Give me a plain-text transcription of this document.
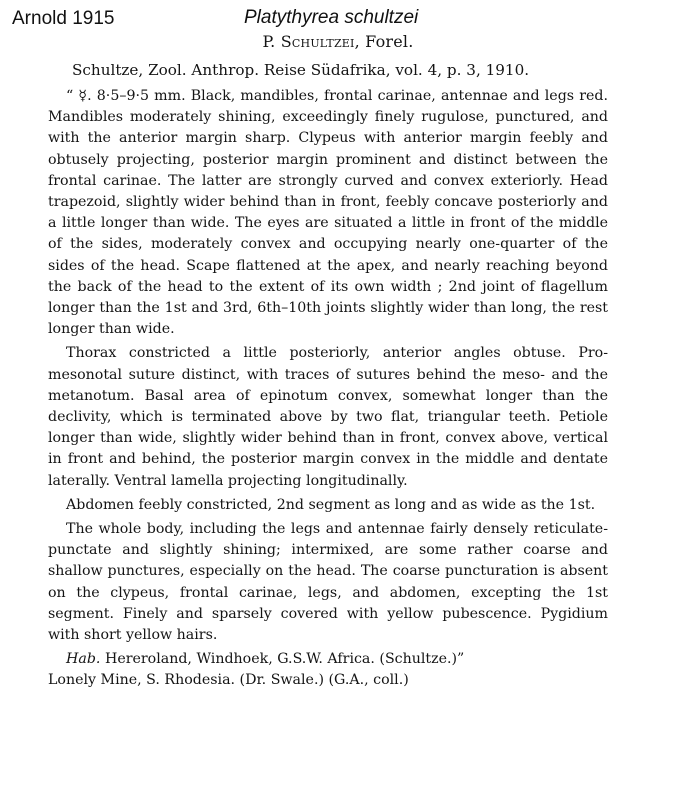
Arnold 1915	Platythyrea schultzei
P. Schultzei, Forel.
Schultze, Zool. Anthrop. Reise Südafrika, vol. 4, p. 3, 1910.

“ ☿. 8·5–9·5 mm. Black, mandibles, frontal carinae, antennae and legs red. Mandibles moderately shining, exceedingly finely rugulose, punctured, and with the anterior margin sharp. Clypeus with anterior margin feebly and obtusely projecting, posterior margin prominent and distinct between the frontal carinae. The latter are strongly curved and convex exteriorly. Head trapezoid, slightly wider behind than in front, feebly concave posteriorly and a little longer than wide. The eyes are situated a little in front of the middle of the sides, moderately convex and occupying nearly one-quarter of the sides of the head. Scape flattened at the apex, and nearly reaching beyond the back of the head to the extent of its own width ; 2nd joint of flagellum longer than the 1st and 3rd, 6th–10th joints slightly wider than long, the rest longer than wide.

Thorax constricted a little posteriorly, anterior angles obtuse. Pro-mesonotal suture distinct, with traces of sutures behind the meso- and the metanotum. Basal area of epinotum convex, somewhat longer than the declivity, which is terminated above by two flat, triangular teeth. Petiole longer than wide, slightly wider behind than in front, convex above, vertical in front and behind, the posterior margin convex in the middle and dentate laterally. Ventral lamella projecting longitudinally.

Abdomen feebly constricted, 2nd segment as long and as wide as the 1st.

The whole body, including the legs and antennae fairly densely reticulate-punctate and slightly shining; intermixed, are some rather coarse and shallow punctures, especially on the head. The coarse puncturation is absent on the clypeus, frontal carinae, legs, and abdomen, excepting the 1st segment. Finely and sparsely covered with yellow pubescence. Pygidium with short yellow hairs.

Hab. Hereroland, Windhoek, G.S.W. Africa. (Schultze.)”

Lonely Mine, S. Rhodesia. (Dr. Swale.) (G.A., coll.)
